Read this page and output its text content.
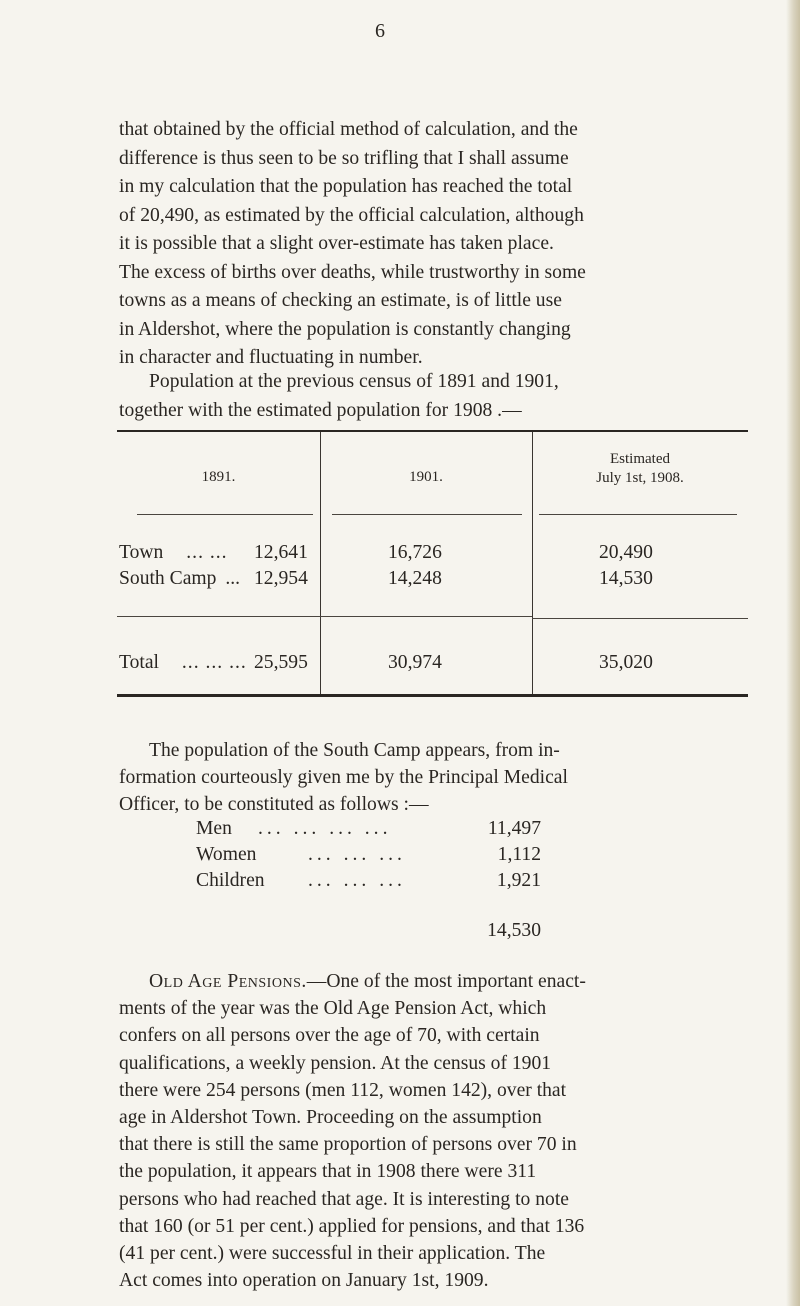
6

that obtained by the official method of calculation, and the
difference is thus seen to be so trifling that I shall assume
in my calculation that the population has reached the total
of 20,490, as estimated by the official calculation, although
it is possible that a slight over-estimate has taken place.
The excess of births over deaths, while trustworthy in some
towns as a means of checking an estimate, is of little use
in Aldershot, where the population is constantly changing
in character and fluctuating in number.

Population at the previous census of 1891 and 1901,
together with the estimated population for 1908 .—

1891.	1901.
Estimated
July 1st, 1908.
Town ... ... 12,641	16,726	20,490
South Camp ... 12,954	14,248	14,530
Total ... ... ... 25,595	30,974	35,020

The population of the South Camp appears, from in-
formation courteously given me by the Principal Medical
Officer, to be constituted as follows :—

Men ... ... ... ...	11,497
Women	... ... ...	1,112
Children ... ... ...	1,921
14,530

Old Age Pensions.—One of the most important enact-
ments of the year was the Old Age Pension Act, which
confers on all persons over the age of 70, with certain
qualifications, a weekly pension. At the census of 1901
there were 254 persons (men 112, women 142), over that
age in Aldershot Town. Proceeding on the assumption
that there is still the same proportion of persons over 70 in
the population, it appears that in 1908 there were 311
persons who had reached that age. It is interesting to note
that 160 (or 51 per cent.) applied for pensions, and that 136
(41 per cent.) were successful in their application. The
Act comes into operation on January 1st, 1909.
